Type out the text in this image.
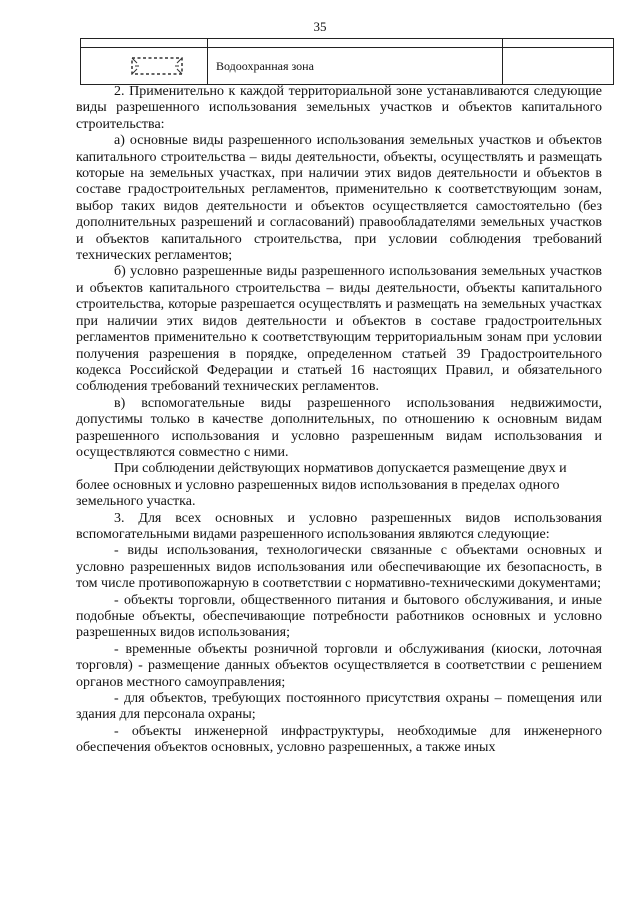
35

	Водоохранная зона	

2. Применительно к каждой территориальной зоне устанавливаются следующие виды разрешенного использования земельных участков и объектов капитального строительства:

а) основные виды разрешенного использования земельных участков и объектов капитального строительства – виды деятельности, объекты, осуществлять и размещать которые на земельных участках, при наличии этих видов деятельности и объектов в составе градостроительных регламентов, применительно к соответствующим зонам, выбор таких видов деятельности и объектов осуществляется самостоятельно (без дополнительных разрешений и согласований) правообладателями земельных участков и объектов капитального строительства, при условии соблюдения требований технических регламентов;

б) условно разрешенные виды разрешенного использования земельных участков и объектов капитального строительства – виды деятельности, объекты капитального строительства, которые разрешается осуществлять и размещать на земельных участках при наличии этих видов деятельности и объектов в составе градостроительных регламентов применительно к соответствующим территориальным зонам при условии получения разрешения в порядке, определенном статьей 39 Градостроительного кодекса Российской Федерации и статьей 16 настоящих Правил, и обязательного соблюдения требований технических регламентов.

в) вспомогательные виды разрешенного использования недвижимости, допустимы только в качестве дополнительных, по отношению к основным видам разрешенного использования и условно разрешенным видам использования и осуществляются совместно с ними.

При соблюдении действующих нормативов допускается размещение двух и более основных и условно разрешенных видов использования в пределах одного земельного участка.

3. Для всех основных и условно разрешенных видов использования вспомогательными видами разрешенного использования являются следующие:

- виды использования, технологически связанные с объектами основных и условно разрешенных видов использования или обеспечивающие их безопасность, в том числе противопожарную в соответствии с нормативно-техническими документами;

- объекты торговли, общественного питания и бытового обслуживания, и иные подобные объекты, обеспечивающие потребности работников основных и условно разрешенных видов использования;

- временные объекты розничной торговли и обслуживания (киоски, лоточная торговля) - размещение данных объектов осуществляется в соответствии с решением органов местного самоуправления;

- для объектов, требующих постоянного присутствия охраны – помещения или здания для персонала охраны;

- объекты инженерной инфраструктуры, необходимые для инженерного обеспечения объектов основных, условно разрешенных, а также иных
